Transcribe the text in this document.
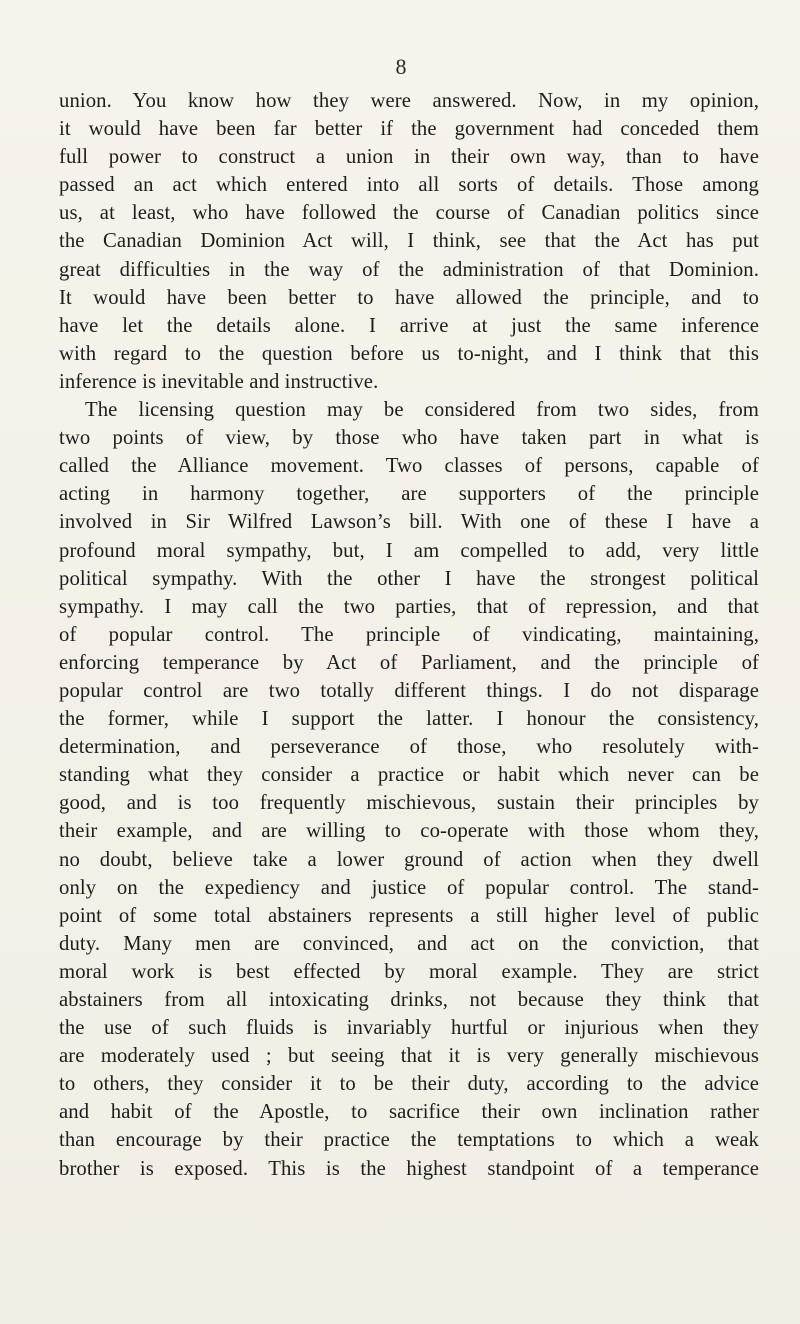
8
union. You know how they were answered. Now, in my opinion,
it would have been far better if the government had conceded them
full power to construct a union in their own way, than to have
passed an act which entered into all sorts of details. Those among
us, at least, who have followed the course of Canadian politics since
the Canadian Dominion Act will, I think, see that the Act has put
great difficulties in the way of the administration of that Dominion.
It would have been better to have allowed the principle, and to
have let the details alone. I arrive at just the same inference
with regard to the question before us to-night, and I think that this
inference is inevitable and instructive.
The licensing question may be considered from two sides, from
two points of view, by those who have taken part in what is
called the Alliance movement. Two classes of persons, capable of
acting in harmony together, are supporters of the principle
involved in Sir Wilfred Lawson’s bill. With one of these I have a
profound moral sympathy, but, I am compelled to add, very little
political sympathy. With the other I have the strongest political
sympathy. I may call the two parties, that of repression, and that
of popular control. The principle of vindicating, maintaining,
enforcing temperance by Act of Parliament, and the principle of
popular control are two totally different things. I do not disparage
the former, while I support the latter. I honour the consistency,
determination, and perseverance of those, who resolutely with-
standing what they consider a practice or habit which never can be
good, and is too frequently mischievous, sustain their principles by
their example, and are willing to co-operate with those whom they,
no doubt, believe take a lower ground of action when they dwell
only on the expediency and justice of popular control. The stand-
point of some total abstainers represents a still higher level of public
duty. Many men are convinced, and act on the conviction, that
moral work is best effected by moral example. They are strict
abstainers from all intoxicating drinks, not because they think that
the use of such fluids is invariably hurtful or injurious when they
are moderately used ; but seeing that it is very generally mischievous
to others, they consider it to be their duty, according to the advice
and habit of the Apostle, to sacrifice their own inclination rather
than encourage by their practice the temptations to which a weak
brother is exposed. This is the highest standpoint of a temperance
